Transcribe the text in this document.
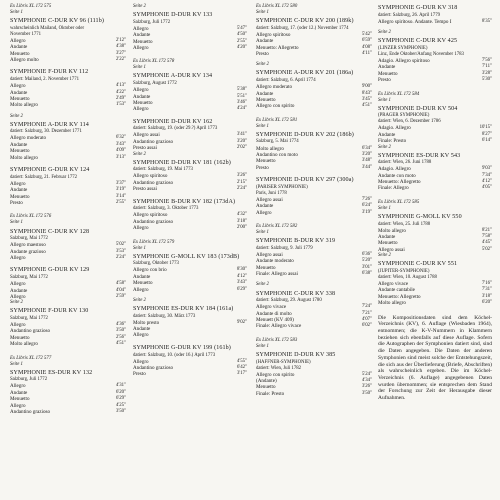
Ex Libris XL 172 575
Seite 1
SYMPHONIE C-DUR KV 96 (111b)
wahrscheinlich Mailand, Oktober oder
November 1771
Allegro	2'12"
Andante	4'38"
Menuetto	3'27"
Allegro molto	2'22"
SYMPHONIE F-DUR KV 112
datiert: Mailand, 2. November 1771
Allegro	4'13"
Andante	4'22"
Menuetto	2'49"
Molto allegro	1'53"
Seite 2
SYMPHONIE A-DUR KV 114
datiert: Salzburg, 30. Dezember 1771
Allegro moderato	6'32"
Andante	3'43"
Menuetto	4'09"
Molto allegro	3'13"
SYMPHONIE G-DUR KV 124
datiert: Salzburg, 21. Februar 1772
Allegro	3'37"
Andante	3'19"
Menuetto	3'14"
Presto	2'55"
Ex Libris XL 172 576
Seite 1
SYMPHONIE C-DUR KV 128
Salzburg, Mai 1772
Allegro maestoso	5'02"
Andante grazioso	3'53"
Allegro	2'24"
SYMPHONIE G-DUR KV 129
Salzburg, Mai 1772
Allegro	4'58"
Andante	4'04"
Allegro	2'59"
Seite 2
SYMPHONIE F-DUR KV 130
Salzburg, Mai 1772
Allegro	4'36"
Andantino grazioso	3'50"
Menuetto	2'56"
Molto allegro	4'51"
Ex Libris XL 172 577
Seite 1
SYMPHONIE ES-DUR KV 132
Salzburg, Juli 1772
Allegro	4'31"
Andante	6'20"
Menuetto	6'29"
Allegro	4'25"
Andantino grazioso	3'50"
Seite 2
SYMPHONIE D-DUR KV 133
Salzburg, Juli 1772
Allegro	5'47"
Andante	4'50"
Menuetto	2'55"
Allegro	4'20"
Ex Libris XL 172 578
Seite 1
SYMPHONIE A-DUR KV 134
Salzburg, August 1772
Allegro	5'38"
Andante	5'51"
Menuetto	3'46"
Allegro	4'24"
SYMPHONIE D-DUR KV 162
datiert: Salzburg, 19. (oder 29.?) April 1773
Allegro assai	3'41"
Andantino grazioso	3'20"
Presto assai	2'02"
Seite 2
SYMPHONIE D-DUR KV 181 (162b)
datiert: Salzburg, 19. Mai 1773
Allegro spiritoso	3'26"
Andantino grazioso	2'15"
Presto assai	2'24"
SYMPHONIE B-DUR KV 182 (173dA)
datiert: Salzburg, 3. Oktober 1773
Allegro spiritoso	4'32"
Andantino grazioso	3'18"
Allegro	2'00"
Ex Libris XL 172 579
Seite 1
SYMPHONIE G-MOLL KV 183 (173dB)
Salzburg, Oktober 1773
Allegro con brio	8'30"
Andante	4'12"
Menuetto	3'43"
Allegro	6'29"
Seite 2
SYMPHONIE ES-DUR KV 184 (161a)
datiert: Salzburg, 30. März 1773
Molto presto	9'02"
Andante
Allegro
SYMPHONIE G-DUR KV 199 (161b)
datiert: Salzburg, 10. (oder 16.) April 1773
Allegro	4'55"
Andantino grazioso	6'42"
Presto	3'17"
Ex Libris XL 172 580
Seite 1
SYMPHONIE C-DUR KV 200 (189k)
datiert: Salzburg, 17. (oder 12.) November 1774
Allegro spiritoso	5'42"
Andante	6'59"
Menuetto: Allegretto	4'08"
Presto	4'11"
Seite 2
SYMPHONIE A-DUR KV 201 (186a)
datiert: Salzburg, 6. April 1774
Allegro moderato	9'00"
Andante	8'43"
Menuetto	3'45"
Allegro con spirito	4'51"
Ex Libris XL 172 581
Seite 1
SYMPHONIE D-DUR KV 202 (186b)
Salzburg, 5. Mai 1774
Molto allegro	6'34"
Andantino con moto	3'20"
Menuetto	3'48"
Presto	3'44"
SYMPHONIE D-DUR KV 297 (300a)
(PARISER SYMPHONIE)
Paris, Juni 1778
Allegro assai	7'26"
Andante	6'24"
Allegro	3'19"
Ex Libris XL 172 582
Seite 1
SYMPHONIE B-DUR KV 319
datiert: Salzburg, 9. Juli 1779
Allegro assai	6'36"
Andante moderato	5'20"
Menuetto	3'01"
Finale: Allegro assai	6'38"
Seite 2
SYMPHONIE C-DUR KV 338
datiert: Salzburg, 29. August 1780
Allegro vivace	7'24"
Andante di molto	7'21"
Menuett (KV 409)	4'07"
Finale: Allegro vivace	6'02"
Ex Libris XL 172 583
Seite 1
SYMPHONIE D-DUR KV 385
(HAFFNER-SYMPHONIE)
datiert: Wien, Juli 1782
Allegro con spirito	5'24"
(Andante)	4'34"
Menuetto	3'26"
Finale: Presto	3'50"
SYMPHONIE G-DUR KV 318
datiert: Salzburg, 26. April 1779
Allegro spiritoso. Andante. Tempo I	8'35"
Seite 2
SYMPHONIE C-DUR KV 425
(LINZER SYMPHONIE)
Linz, Ende Oktober/Anfang November 1783
Adagio. Allegro spiritoso	7'56"
Andante	7'11"
Menuetto	3'28"
Presto	5'30"
Ex Libris XL 172 584
Seite 1
SYMPHONIE D-DUR KV 504
(PRAGER SYMPHONIE)
datiert: Wien, 6. Dezember 1786
Adagio. Allegro	10'15"
Andante	8'27"
Finale: Presto	6'14"
Seite 2
SYMPHONIE ES-DUR KV 543
datiert: Wien, 26. Juni 1788
Adagio. Allegro	9'03"
Andante con moto	7'34"
Menuetto: Allegretto	4'12"
Finale: Allegro	4'05"
Ex Libris XL 172 585
Seite 1
SYMPHONIE G-MOLL KV 550
datiert: Wien, 25. Juli 1788
Molto allegro	8'21"
Andante	7'58"
Menuetto	4'45"
Allegro assai	5'02"
Seite 2
SYMPHONIE C-DUR KV 551
(JUPITER-SYMPHONIE)
datiert: Wien, 10. August 1788
Allegro vivace	7'16"
Andante cantabile	7'31"
Menuetto: Allegretto	3'18"
Molto allegro	6'20"
Die Kompositionsdaten sind dem Köchel-Verzeichnis (KV), 6. Auflage (Wiesbaden 1964), entnommen; die K-V-Nummern in Klammern beziehen sich ebenfalls auf diese Auflage. Sofern die Autographen der Symphonien datiert sind, sind die Daten angegeben. Die Daten der anderen Symphonien sind meist solche der Entstehungszeit, die sich aus der Überlieferung (Briefe, Abschriften) als wahrscheinlich ergeben. Die im Köchel-Verzeichnis (6. Auflage) angegebenen Daten wurden übernommen; sie entsprechen dem Stand der Forschung zur Zeit der Herausgabe dieser Aufnahmen.
